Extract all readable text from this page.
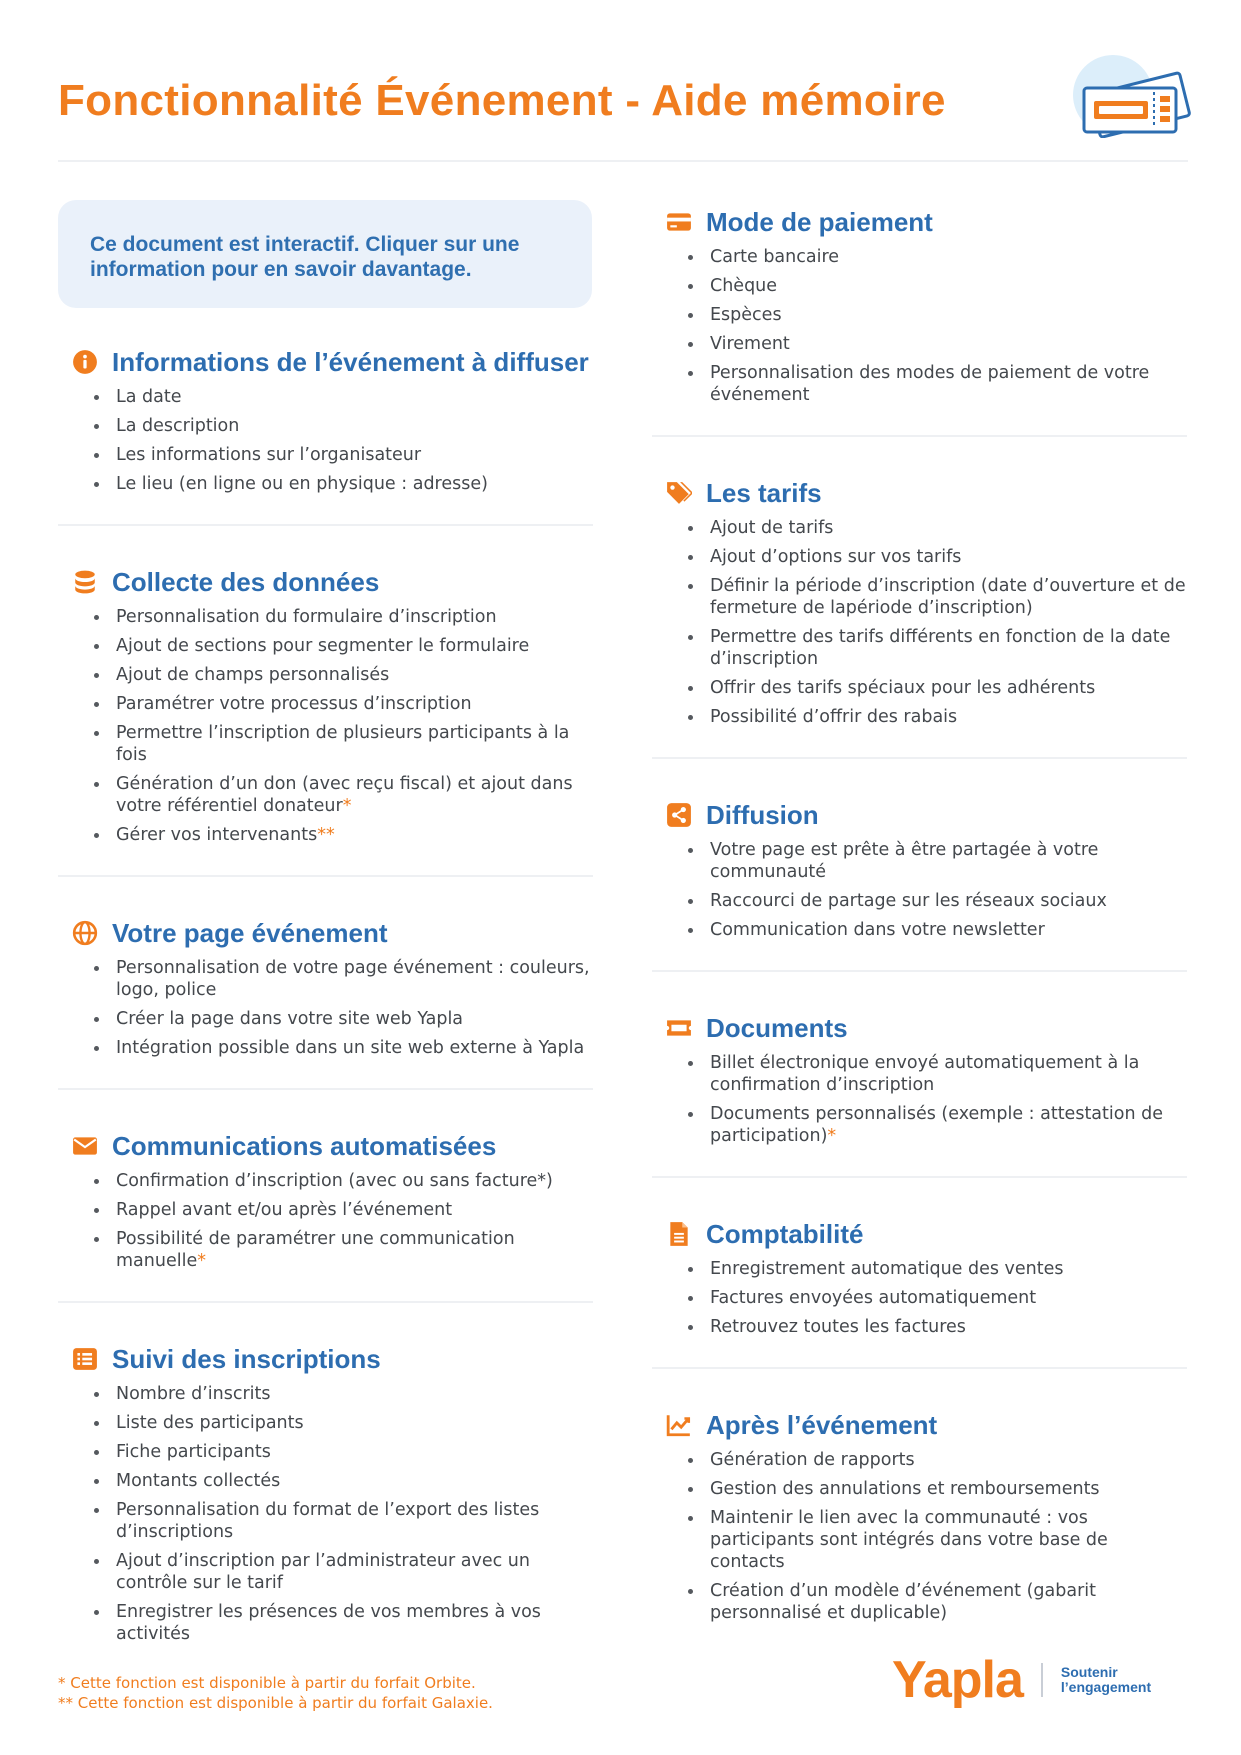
Fonctionnalité Événement - Aide mémoire
Ce document est interactif. Cliquer sur une information pour en savoir davantage.
Informations de l’événement à diffuser
La date
La description
Les informations sur l’organisateur
Le lieu (en ligne ou en physique : adresse)
Collecte des données
Personnalisation du formulaire d’inscription
Ajout de sections pour segmenter le formulaire
Ajout de champs personnalisés
Paramétrer votre processus d’inscription
Permettre l’inscription de plusieurs participants à la fois
Génération d’un don (avec reçu fiscal) et ajout dans votre référentiel donateur*
Gérer vos intervenants**
Votre page événement
Personnalisation de votre page événement : couleurs, logo, police
Créer la page dans votre site web Yapla
Intégration possible dans un site web externe à Yapla
Communications automatisées
Confirmation d’inscription (avec ou sans facture*)
Rappel avant et/ou après l’événement
Possibilité de paramétrer une communication manuelle*
Suivi des inscriptions
Nombre d’inscrits
Liste des participants
Fiche participants
Montants collectés
Personnalisation du format de l’export des listes d’inscriptions
Ajout d’inscription par l’administrateur avec un contrôle sur le tarif
Enregistrer les présences de vos membres à vos activités
Mode de paiement
Carte bancaire
Chèque
Espèces
Virement
Personnalisation des modes de paiement de votre événement
Les tarifs
Ajout de tarifs
Ajout d’options sur vos tarifs
Définir la période d’inscription (date d’ouverture et de fermeture de lapériode d’inscription)
Permettre des tarifs différents en fonction de la date d’inscription
Offrir des tarifs spéciaux pour les adhérents
Possibilité d’offrir des rabais
Diffusion
Votre page est prête à être partagée à votre communauté
Raccourci de partage sur les réseaux sociaux
Communication dans votre newsletter
Documents
Billet électronique envoyé automatiquement à la confirmation d’inscription
Documents personnalisés (exemple : attestation de participation)*
Comptabilité
Enregistrement automatique des ventes
Factures envoyées automatiquement
Retrouvez toutes les factures
Après l’événement
Génération de rapports
Gestion des annulations et remboursements
Maintenir le lien avec la communauté : vos participants sont intégrés dans votre base de contacts
Création d’un modèle d’événement (gabarit personnalisé et duplicable)
* Cette fonction est disponible à partir du forfait Orbite.
** Cette fonction est disponible à partir du forfait Galaxie.	Yapla	Soutenir
l’engagement
